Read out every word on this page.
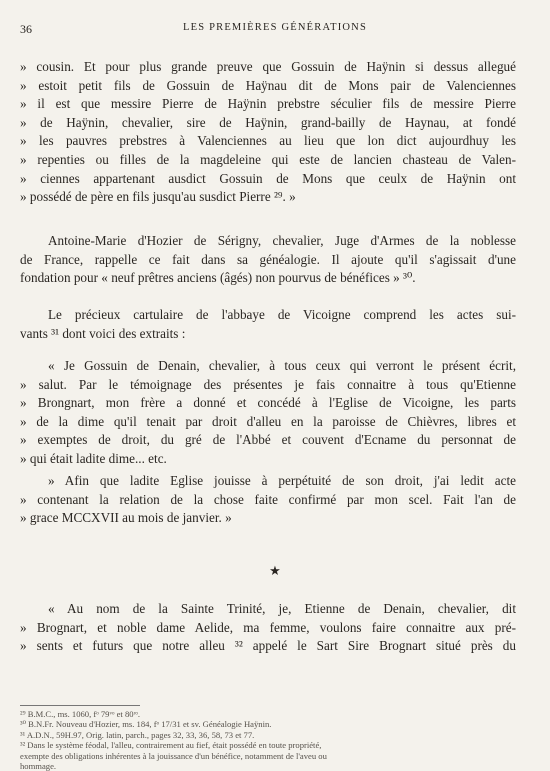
36	LES PREMIÈRES GÉNÉRATIONS
» cousin. Et pour plus grande preuve que Gossuin de Haÿnin si dessus allegué
» estoit petit fils de Gossuin de Haÿnau dit de Mons pair de Valenciennes
» il est que messire Pierre de Haÿnin prebstre séculier fils de messire Pierre
» de Haÿnin, chevalier, sire de Haÿnin, grand-bailly de Haynau, at fondé
» les pauvres prebstres à Valenciennes au lieu que lon dict aujourdhuy les
» repenties ou filles de la magdeleine qui este de lancien chasteau de Valen-
» ciennes appartenant ausdict Gossuin de Mons que ceulx de Haÿnin ont
» possédé de père en fils jusqu'au susdict Pierre ²⁹. »
Antoine-Marie d'Hozier de Sérigny, chevalier, Juge d'Armes de la noblesse
de France, rappelle ce fait dans sa généalogie. Il ajoute qu'il s'agissait d'une
fondation pour « neuf prêtres anciens (âgés) non pourvus de bénéfices » ³⁰.
Le précieux cartulaire de l'abbaye de Vicoigne comprend les actes sui-
vants ³¹ dont voici des extraits :
« Je Gossuin de Denain, chevalier, à tous ceux qui verront le présent écrit,
» salut. Par le témoignage des présentes je fais connaitre à tous qu'Etienne
» Brongnart, mon frère a donné et concédé à l'Eglise de Vicoigne, les parts
» de la dime qu'il tenait par droit d'alleu en la paroisse de Chièvres, libres et
» exemptes de droit, du gré de l'Abbé et couvent d'Ecname du personnat de
» qui était ladite dime... etc.
» Afin que ladite Eglise jouisse à perpétuité de son droit, j'ai ledit acte
» contenant la relation de la chose faite confirmé par mon scel. Fait l'an de
» grace MCCXVII au mois de janvier. »
★
« Au nom de la Sainte Trinité, je, Etienne de Denain, chevalier, dit
» Brognart, et noble dame Aelide, ma femme, voulons faire connaitre aux pré-
» sents et futurs que notre alleu ³² appelé le Sart Sire Brognart situé près du
²⁹ B.M.C., ms. 1060, fᵒ 79ᵛᵒ et 80ʳᵒ.
³⁰ B.N.Fr. Nouveau d'Hozier, ms. 184, fᵒ 17/31 et sv. Généalogie Haÿnin.
³¹ A.D.N., 59H.97, Orig. latin, parch., pages 32, 33, 36, 58, 73 et 77.
³² Dans le système féodal, l'alleu, contrairement au fief, était possédé en toute propriété,
exempte des obligations inhérentes à la jouissance d'un bénéfice, notamment de l'aveu ou
hommage.
